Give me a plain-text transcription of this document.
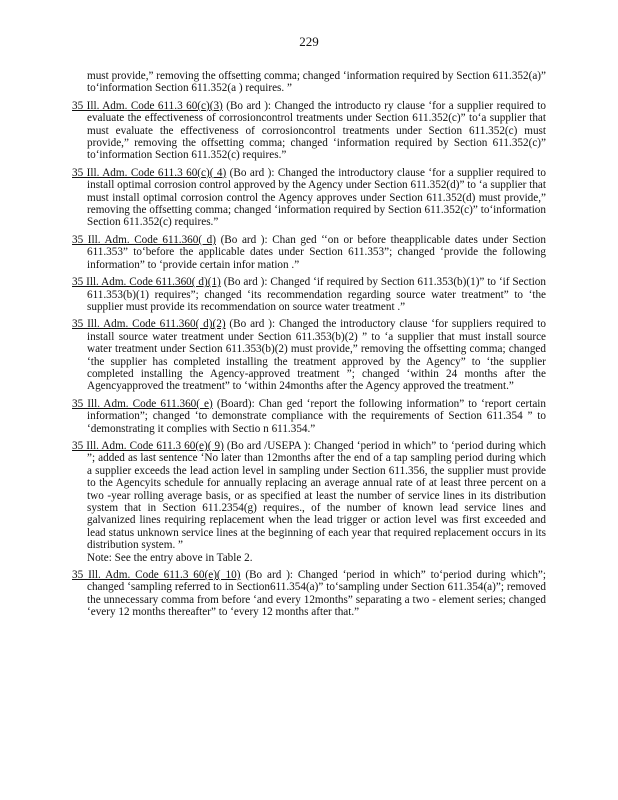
229
must provide,” removing the offsetting comma; changed ‘information required by Section 611.352(a)” to‘information Section 611.352(a ) requires. ”
35 Ill. Adm. Code 611.3 60(c)(3) (Bo ard ): Changed the introducto ry clause ‘for a supplier required to evaluate the effectiveness of corrosioncontrol treatments under Section 611.352(c)” to‘a supplier that must evaluate the effectiveness of corrosioncontrol treatments under Section 611.352(c) must provide,” removing the offsetting comma; changed ‘information required by Section 611.352(c)” to‘information Section 611.352(c) requires.”
35 Ill. Adm. Code 611.3 60(c)( 4) (Bo ard ): Changed the introductory clause ‘for a supplier required to install optimal corrosion control approved by the Agency under Section 611.352(d)” to ‘a supplier that must install optimal corrosion control the Agency approves under Section 611.352(d) must provide,” removing the offsetting comma; changed ‘information required by Section 611.352(c)” to‘information Section 611.352(c) requires.”
35 Ill. Adm. Code 611.360( d) (Bo ard ): Chan ged ‘‘on or before theapplicable dates under Section 611.353” to‘before the applicable dates under Section 611.353”; changed ‘provide the following information” to ‘provide certain infor mation .”
35 Ill. Adm. Code 611.360( d)(1) (Bo ard ): Changed ‘if required by Section 611.353(b)(1)” to ‘if Section 611.353(b)(1) requires”; changed ‘its recommendation regarding source water treatment” to ‘the supplier must provide its recommendation on source water treatment .”
35 Ill. Adm. Code 611.360( d)(2) (Bo ard ): Changed the introductory clause ‘for suppliers required to install source water treatment under Section 611.353(b)(2) ” to ‘a supplier that must install source water treatment under Section 611.353(b)(2) must provide,” removing the offsetting comma; changed ‘the supplier has completed installing the treatment approved by the Agency” to ‘the supplier completed installing the Agency-approved treatment ”; changed ‘within 24 months after the Agencyapproved the treatment” to ‘within 24months after the Agency approved the treatment.”
35 Ill. Adm. Code 611.360( e) (Board): Chan ged ‘report the following information” to ‘report certain information”; changed ‘to demonstrate compliance with the requirements of Section 611.354 ” to ‘demonstrating it complies with Sectio n 611.354.”
35 Ill. Adm. Code 611.3 60(e)( 9) (Bo ard /USEPA ): Changed ‘period in which” to ‘period during which ”; added as last sentence ‘No later than 12months after the end of a tap sampling period during which a supplier exceeds the lead action level in sampling under Section 611.356, the supplier must provide to the Agencyits schedule for annually replacing an average annual rate of at least three percent on a two -year rolling average basis, or as specified at least the number of service lines in its distribution system that in Section 611.2354(g) requires., of the number of known lead service lines and galvanized lines requiring replacement when the lead trigger or action level was first exceeded and lead status unknown service lines at the beginning of each year that required replacement occurs in its distribution system. ”
Note: See the entry above in Table 2.
35 Ill. Adm. Code 611.3 60(e)( 10) (Bo ard ): Changed ‘period in which” to‘period during which”; changed ‘sampling referred to in Section611.354(a)” to‘sampling under Section 611.354(a)”; removed the unnecessary comma from before ‘and every 12months” separating a two - element series; changed ‘every 12 months thereafter” to ‘every 12 months after that.”
